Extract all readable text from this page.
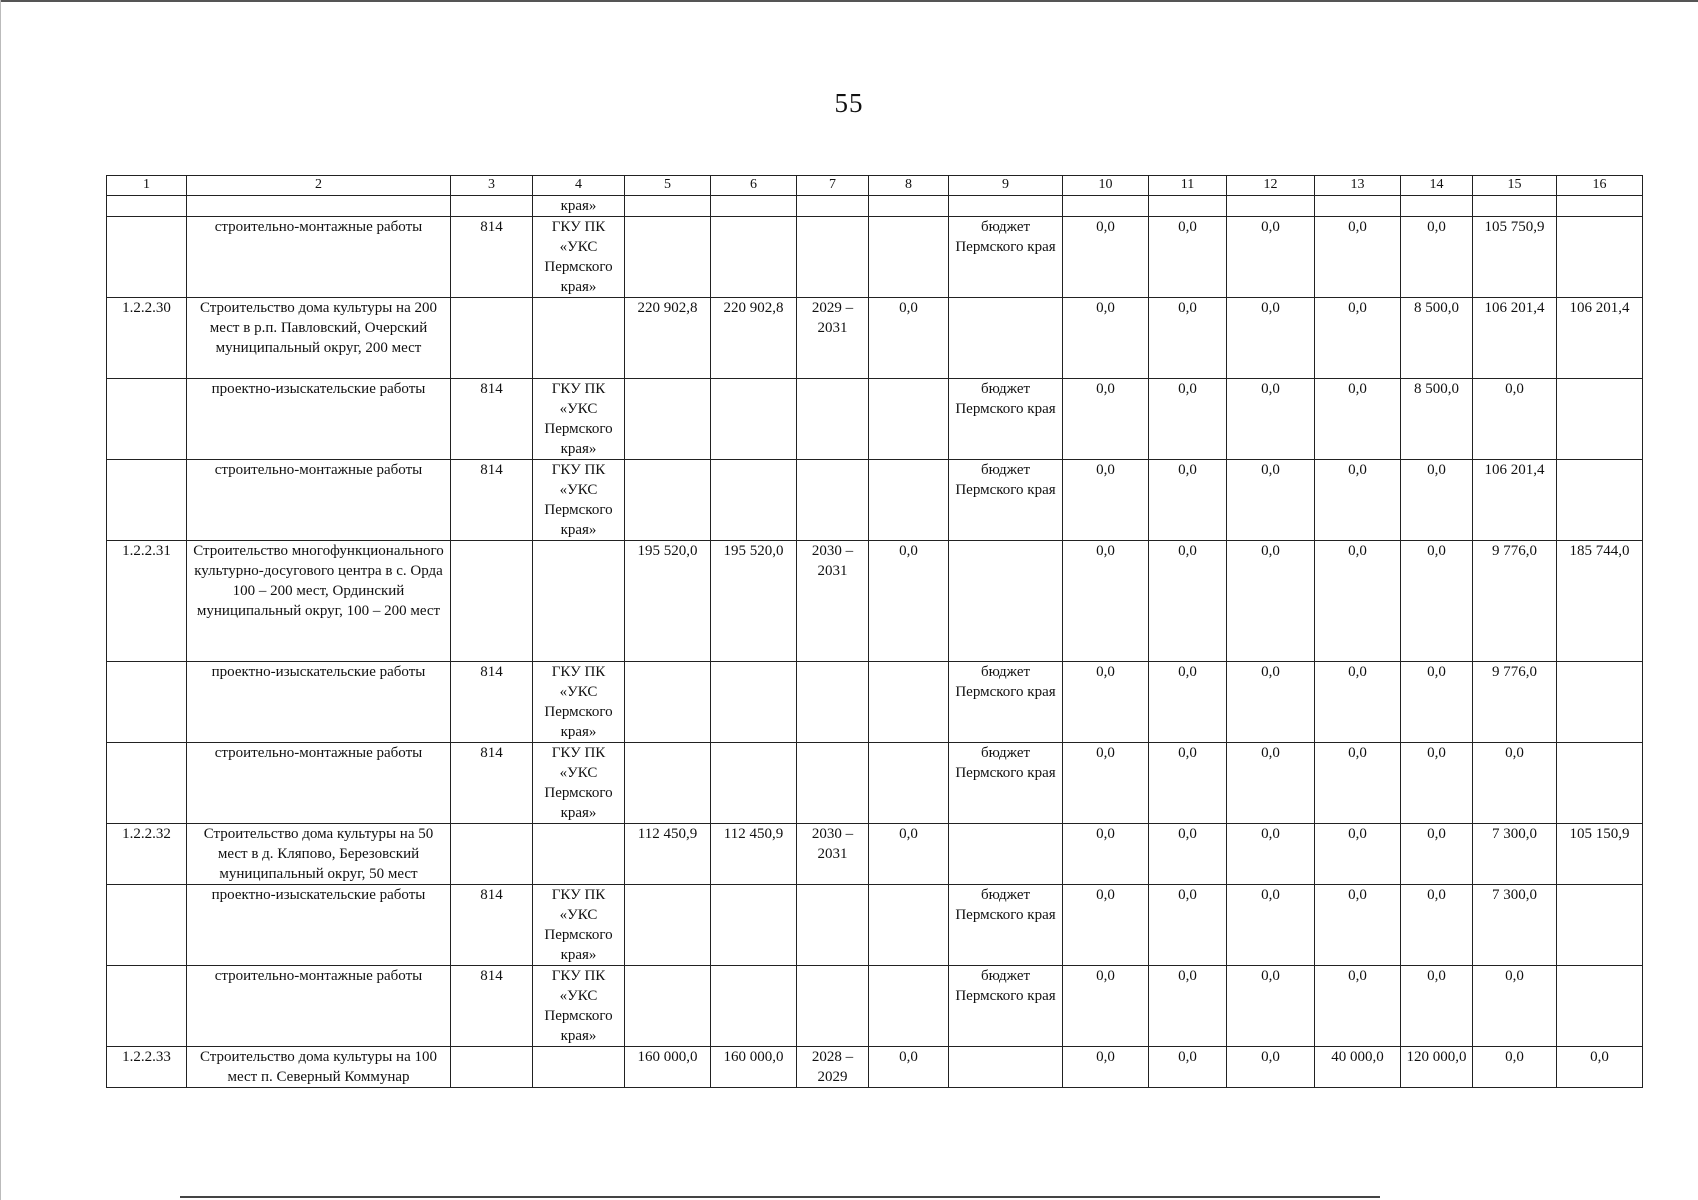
55
1	2	3	4	5	6	7	8	9	10	11	12	13	14	15	16
			края»												
	строительно-монтажные работы	814	ГКУ ПК «УКС Пермского края»					бюджет Пермского края	0,0	0,0	0,0	0,0	0,0	105 750,9	
1.2.2.30	Строительство дома культуры на 200 мест в р.п. Павловский, Очерский муниципальный округ, 200 мест			220 902,8	220 902,8	2029 – 2031	0,0		0,0	0,0	0,0	0,0	8 500,0	106 201,4	106 201,4
	проектно-изыскательские работы	814	ГКУ ПК «УКС Пермского края»					бюджет Пермского края	0,0	0,0	0,0	0,0	8 500,0	0,0	
	строительно-монтажные работы	814	ГКУ ПК «УКС Пермского края»					бюджет Пермского края	0,0	0,0	0,0	0,0	0,0	106 201,4	
1.2.2.31	Строительство многофункционального культурно-досугового центра в с. Орда 100 – 200 мест, Ординский муниципальный округ, 100 – 200 мест			195 520,0	195 520,0	2030 – 2031	0,0		0,0	0,0	0,0	0,0	0,0	9 776,0	185 744,0
	проектно-изыскательские работы	814	ГКУ ПК «УКС Пермского края»					бюджет Пермского края	0,0	0,0	0,0	0,0	0,0	9 776,0	
	строительно-монтажные работы	814	ГКУ ПК «УКС Пермского края»					бюджет Пермского края	0,0	0,0	0,0	0,0	0,0	0,0	
1.2.2.32	Строительство дома культуры на 50 мест в д. Кляпово, Березовский муниципальный округ, 50 мест			112 450,9	112 450,9	2030 – 2031	0,0		0,0	0,0	0,0	0,0	0,0	7 300,0	105 150,9
	проектно-изыскательские работы	814	ГКУ ПК «УКС Пермского края»					бюджет Пермского края	0,0	0,0	0,0	0,0	0,0	7 300,0	
	строительно-монтажные работы	814	ГКУ ПК «УКС Пермского края»					бюджет Пермского края	0,0	0,0	0,0	0,0	0,0	0,0	
1.2.2.33	Строительство дома культуры на 100 мест п. Северный Коммунар			160 000,0	160 000,0	2028 – 2029	0,0		0,0	0,0	0,0	40 000,0	120 000,0	0,0	0,0
